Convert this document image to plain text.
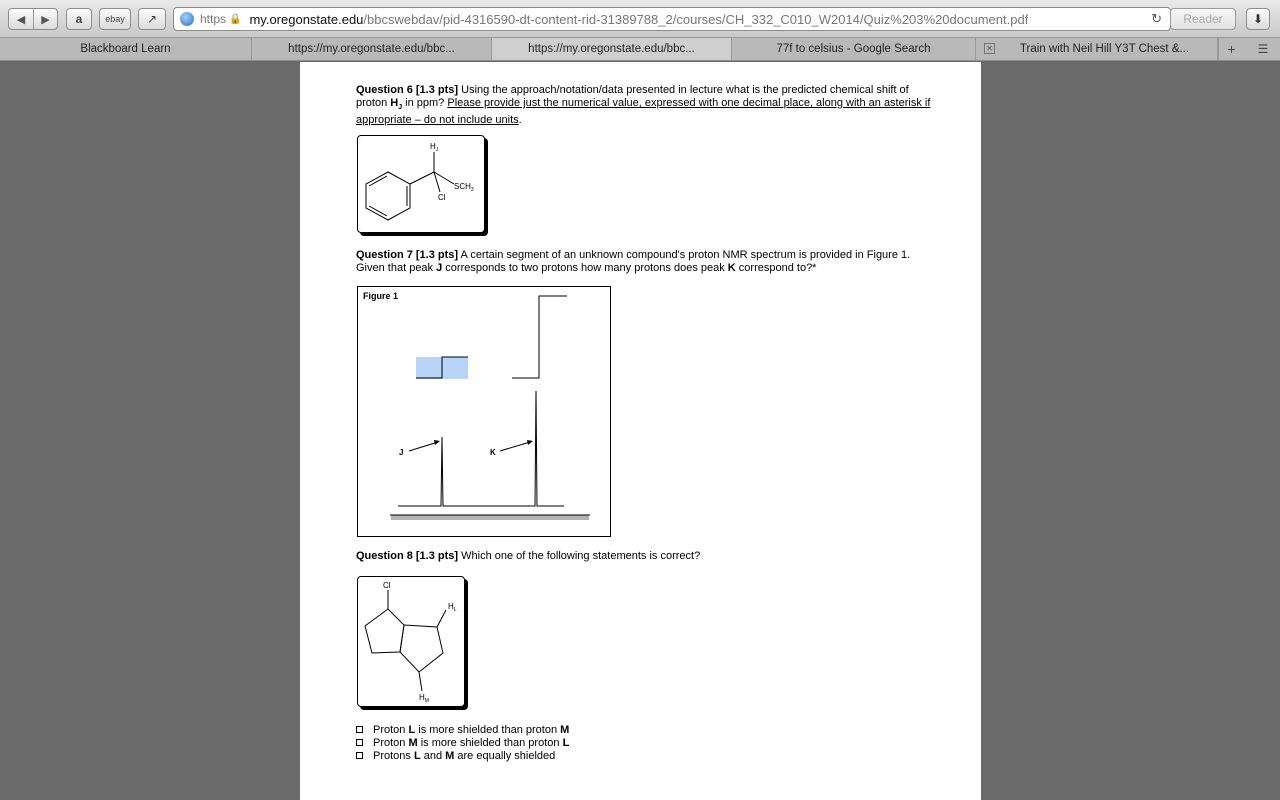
◀	▶	a	ebay	↗	https 🔒 my.oregonstate.edu /bbcswebdav/pid-4316590-dt-content-rid-31389788_2/courses/CH_332_C010_W2014/Quiz%203%20document.pdf	↻	Reader	⬇
Blackboard Learn	https://my.oregonstate.edu/bbc...	https://my.oregonstate.edu/bbc...	77f to celsius - Google Search	✕ Train with Neil Hill Y3T Chest &...	+ ☰
Question 6 [1.3 pts] Using the approach/notation/data presented in lecture what is the predicted chemical shift of
proton $H_J$ in ppm? Please provide just the numerical value, expressed with one decimal place, along with an asterisk if
appropriate – do not include units.
$H_J$
$SCH_3$
Cl
Question 7 [1.3 pts] A certain segment of an unknown compound's proton NMR spectrum is provided in Figure 1.
Given that peak J corresponds to two protons how many protons does peak K correspond to?*
Figure 1
J	K
Question 8 [1.3 pts] Which one of the following statements is correct?
Cl
$H_L$
$H_M$
Proton L is more shielded than proton M
Proton M is more shielded than proton L
Protons L and M are equally shielded
